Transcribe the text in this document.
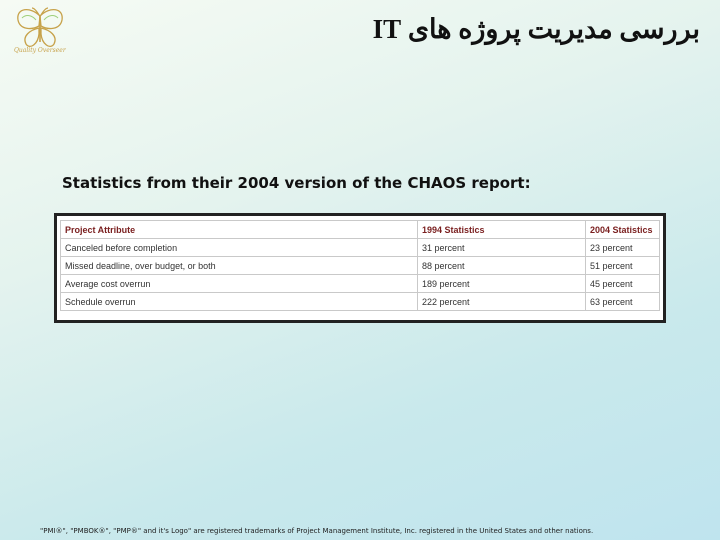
Quality Overseer
بررسی مدیریت پروژه های IT
Statistics from their 2004 version of the CHAOS report:
Project Attribute	1994 Statistics	2004 Statistics
Canceled before completion	31 percent	23 percent
Missed deadline, over budget, or both	88 percent	51 percent
Average cost overrun	189 percent	45 percent
Schedule overrun	222 percent	63 percent
"PMI®", "PMBOK®", "PMP®" and it's Logo" are registered trademarks of Project Management Institute, Inc. registered in the United States and other nations.
